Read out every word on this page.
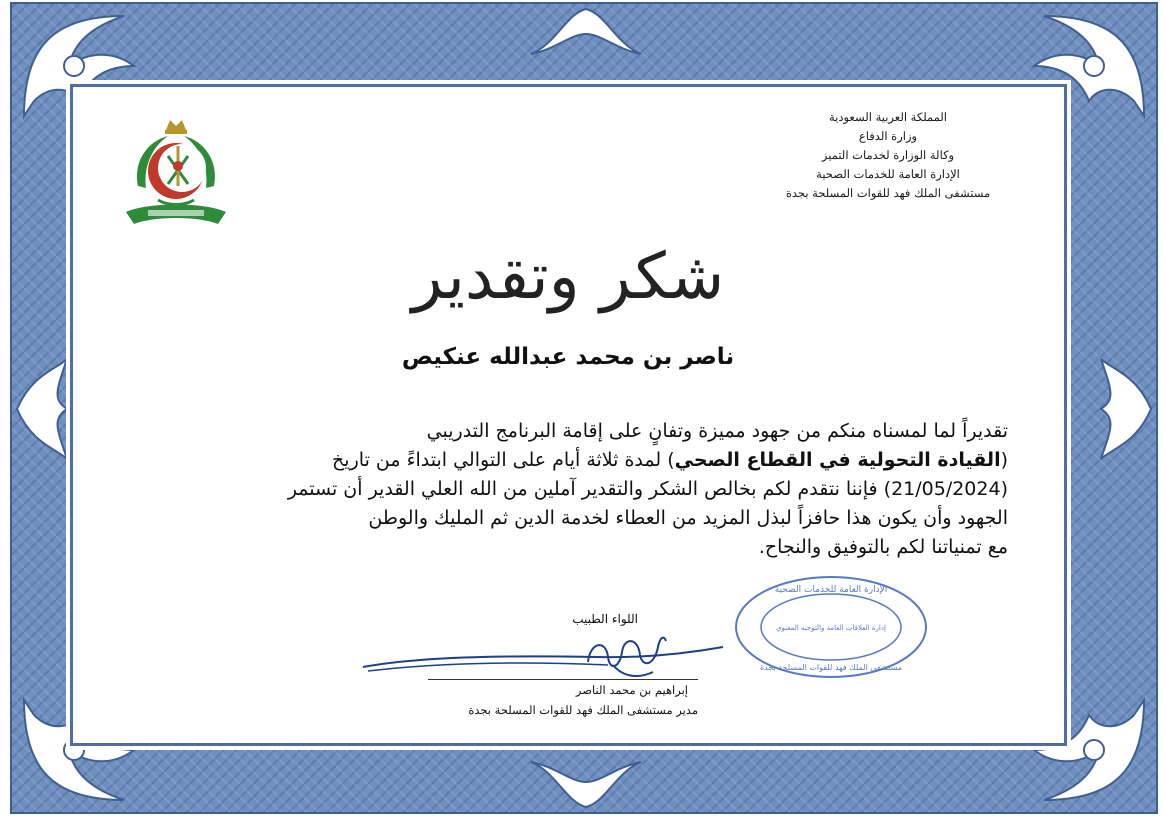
المملكة العربية السعودية
وزارة الدفاع
وكالة الوزارة لخدمات التميز
الإدارة العامة للخدمات الصحية
مستشفى الملك فهد للقوات المسلحة بجدة
شكر وتقدير
ناصر بن محمد عبدالله عنكيص
تقديراً لما لمسناه منكم من جهود مميزة وتفانٍ على إقامة البرنامج التدريبي
(القيادة التحولية في القطاع الصحي) لمدة ثلاثة أيام على التوالي ابتداءً من تاريخ
(21/05/2024) فإننا نتقدم لكم بخالص الشكر والتقدير آملين من الله العلي القدير أن تستمر
الجهود وأن يكون هذا حافزاً لبذل المزيد من العطاء لخدمة الدين ثم المليك والوطن
مع تمنياتنا لكم بالتوفيق والنجاح.
اللواء الطبيب
إبراهيم بن محمد الناصر
مدير مستشفى الملك فهد للقوات المسلحة بجدة
الإدارة العامة للخدمات الصحية
إدارة العلاقات العامة والتوجيه المعنوي
مستشفى الملك فهد للقوات المسلحة بجدة
